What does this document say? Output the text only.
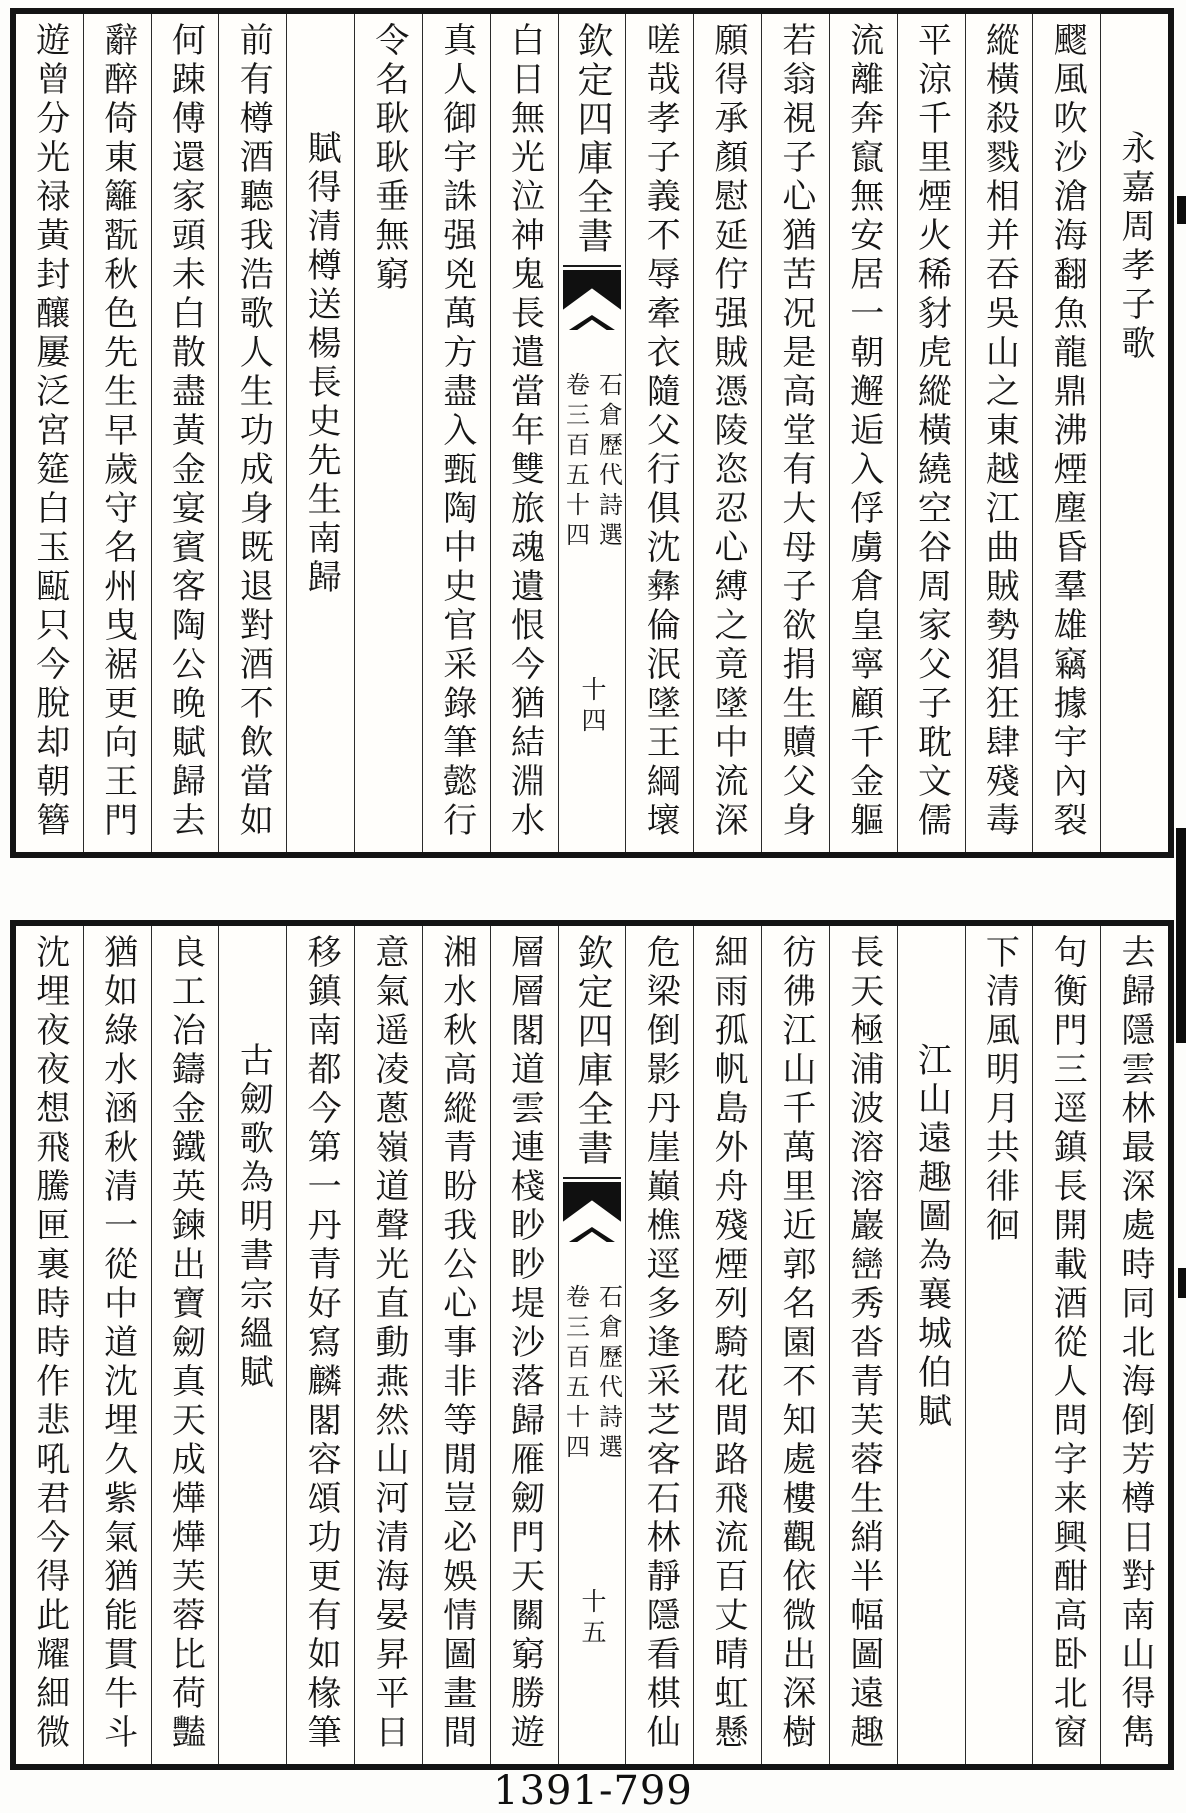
永嘉周孝子歌
飂風吹沙滄海翻魚龍鼎沸煙塵昏羣雄竊據宇內裂
縱橫殺戮相并吞吳山之東越江曲賊勢猖狂肆殘毒
平涼千里煙火稀豺虎縱橫繞空谷周家父子耽文儒
流離奔竄無安居一朝邂逅入俘虜倉皇寧顧千金軀
若翁視子心猶苦况是高堂有大母子欲捐生贖父身
願得承顏慰延佇强賊憑陵恣忍心縛之竟墜中流深
嗟哉孝子義不辱牽衣隨父行俱沈彝倫泯墜王綱壞
欽定四庫全書
石倉歷代詩選
卷三百五十四
十四
白日無光泣神鬼長遣當年雙旅魂遺恨今猶結淵水
真人御宇誅强兇萬方盡入甄陶中史官采錄筆懿行
令名耿耿垂無窮
賦得清樽送楊長史先生南歸
前有樽酒聽我浩歌人生功成身既退對酒不飲當如
何踈傅還家頭未白散盡黃金宴賓客陶公晚賦歸去
辭醉倚東籬翫秋色先生早歲守名州曳裾更向王門
遊曾分光禄黃封釀屢泛宮筵白玉甌只今脫却朝簪
去歸隱雲林最深處時同北海倒芳樽日對南山得雋
句衡門三逕鎮長開載酒從人問字来興酣高卧北窗
下清風明月共徘徊
江山遠趣圖為襄城伯賦
長天極浦波溶溶巖巒秀沓青芙蓉生綃半幅圖遠趣
彷彿江山千萬里近郭名園不知處樓觀依微出深樹
細雨孤帆島外舟殘煙列騎花間路飛流百丈晴虹懸
危梁倒影丹崖巔樵逕多逢采芝客石林靜隱看棋仙
欽定四庫全書
石倉歷代詩選
卷三百五十四
十五
層層閣道雲連棧眇眇堤沙落歸雁劒門天關窮勝遊
湘水秋高縱青盼我公心事非等閒豈必娛情圖畫間
意氣遥凌蔥嶺道聲光直動燕然山河清海晏昇平日
移鎮南都今第一丹青好寫麟閣容頌功更有如椽筆
古劒歌為明書宗縕賦
良工冶鑄金鐵英鍊出寶劒真天成燁燁芙蓉比荷豔
猶如綠水涵秋清一從中道沈埋久紫氣猶能貫牛斗
沈埋夜夜想飛騰匣裏時時作悲吼君今得此耀細微
1391-799
